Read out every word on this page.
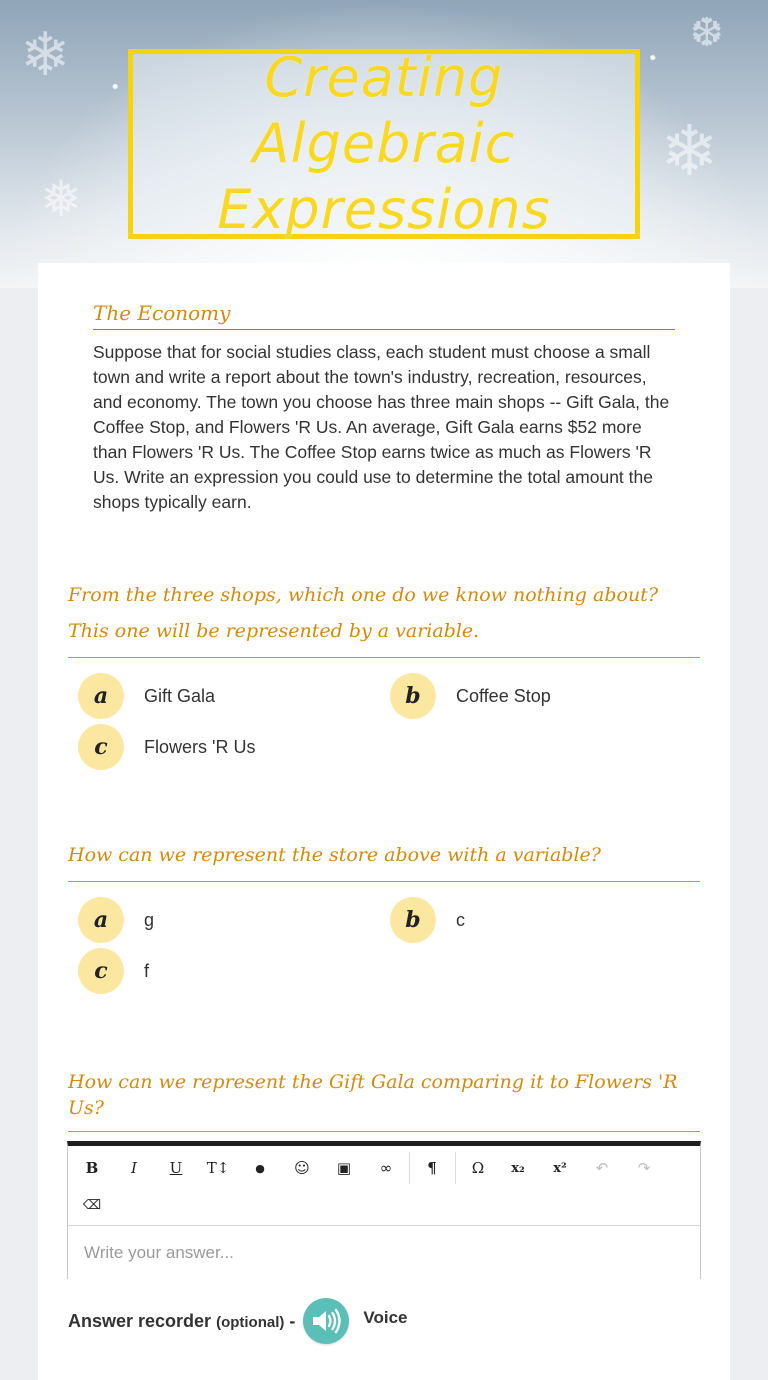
❄
❄
❅
❆
Creating Algebraic Expressions
The Economy
Suppose that for social studies class, each student must choose a small town and write a report about the town's industry, recreation, resources, and economy. The town you choose has three main shops -- Gift Gala, the Coffee Stop, and Flowers 'R Us. An average, Gift Gala earns $52 more than Flowers 'R Us. The Coffee Stop earns twice as much as Flowers 'R Us. Write an expression you could use to determine the total amount the shops typically earn.
From the three shops, which one do we know nothing about? This one will be represented by a variable.
a	Gift Gala	b	Coffee Stop
c	Flowers 'R Us
How can we represent the store above with a variable?
a	g	b	c
c	f
How can we represent the Gift Gala comparing it to Flowers 'R Us?
B	I	U	T↕	●	☺	▣	∞	¶	Ω	x₂	x²	↶	↷
⌫
Write your answer...
Answer recorder (optional) -	Voice
